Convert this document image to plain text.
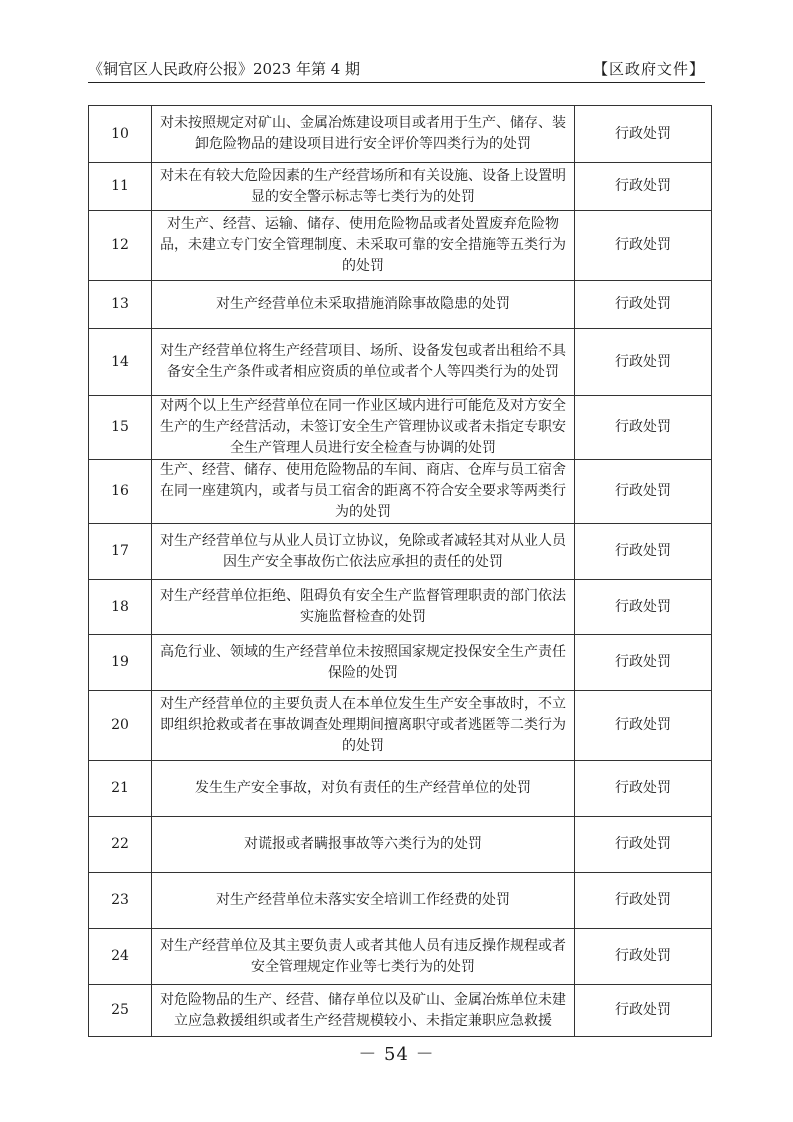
《铜官区人民政府公报》2023 年第 4 期	【区政府文件】
10	对未按照规定对矿山、金属冶炼建设项目或者用于生产、储存、装卸危险物品的建设项目进行安全评价等四类行为的处罚	行政处罚
11	对未在有较大危险因素的生产经营场所和有关设施、设备上设置明显的安全警示标志等七类行为的处罚	行政处罚
12	对生产、经营、运输、储存、使用危险物品或者处置废弃危险物品，未建立专门安全管理制度、未采取可靠的安全措施等五类行为的处罚	行政处罚
13	对生产经营单位未采取措施消除事故隐患的处罚	行政处罚
14	对生产经营单位将生产经营项目、场所、设备发包或者出租给不具备安全生产条件或者相应资质的单位或者个人等四类行为的处罚	行政处罚
15	对两个以上生产经营单位在同一作业区域内进行可能危及对方安全生产的生产经营活动，未签订安全生产管理协议或者未指定专职安全生产管理人员进行安全检查与协调的处罚	行政处罚
16	生产、经营、储存、使用危险物品的车间、商店、仓库与员工宿舍在同一座建筑内，或者与员工宿舍的距离不符合安全要求等两类行为的处罚	行政处罚
17	对生产经营单位与从业人员订立协议，免除或者减轻其对从业人员因生产安全事故伤亡依法应承担的责任的处罚	行政处罚
18	对生产经营单位拒绝、阻碍负有安全生产监督管理职责的部门依法实施监督检查的处罚	行政处罚
19	高危行业、领域的生产经营单位未按照国家规定投保安全生产责任保险的处罚	行政处罚
20	对生产经营单位的主要负责人在本单位发生生产安全事故时，不立即组织抢救或者在事故调查处理期间擅离职守或者逃匿等二类行为的处罚	行政处罚
21	发生生产安全事故，对负有责任的生产经营单位的处罚	行政处罚
22	对谎报或者瞒报事故等六类行为的处罚	行政处罚
23	对生产经营单位未落实安全培训工作经费的处罚	行政处罚
24	对生产经营单位及其主要负责人或者其他人员有违反操作规程或者安全管理规定作业等七类行为的处罚	行政处罚
25	对危险物品的生产、经营、储存单位以及矿山、金属冶炼单位未建立应急救援组织或者生产经营规模较小、未指定兼职应急救援	行政处罚
－ 54 －
